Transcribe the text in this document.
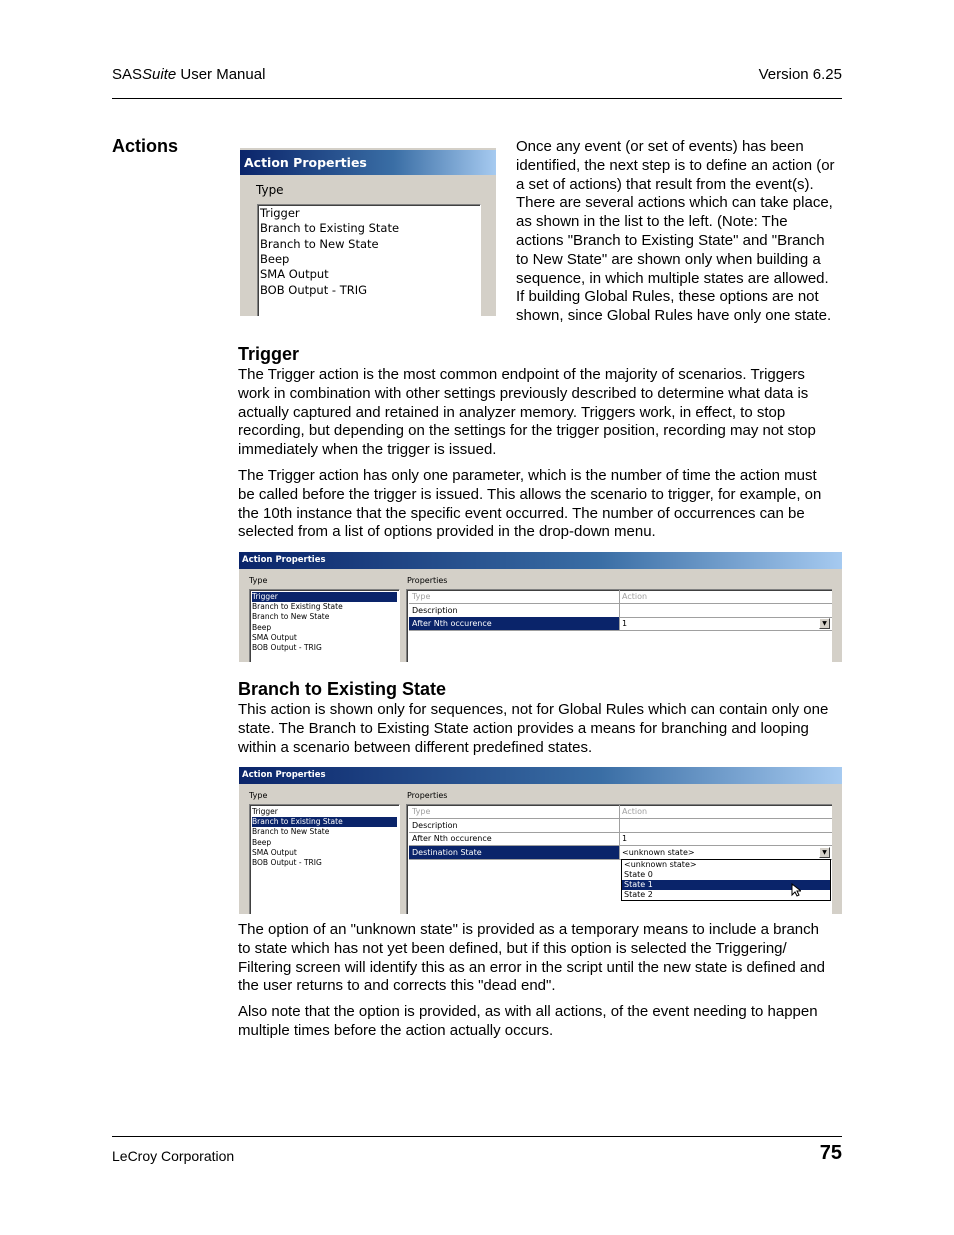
SASSuite User Manual	Version 6.25
Actions
Action Properties
Type
Trigger
Branch to Existing State
Branch to New State
Beep
SMA Output
BOB Output - TRIG
Once any event (or set of events) has been
identified, the next step is to define an action (or
a set of actions) that result from the event(s).
There are several actions which can take place,
as shown in the list to the left. (Note: The
actions "Branch to Existing State" and "Branch
to New State" are shown only when building a
sequence, in which multiple states are allowed.
If building Global Rules, these options are not
shown, since Global Rules have only one state.
Trigger
The Trigger action is the most common endpoint of the majority of scenarios. Triggers
work in combination with other settings previously described to determine what data is
actually captured and retained in analyzer memory. Triggers work, in effect, to stop
recording, but depending on the settings for the trigger position, recording may not stop
immediately when the trigger is issued.
The Trigger action has only one parameter, which is the number of time the action must
be called before the trigger is issued. This allows the scenario to trigger, for example, on
the 10th instance that the specific event occurred. The number of occurrences can be
selected from a list of options provided in the drop-down menu.
Action Properties
Type	Properties
Trigger
Branch to Existing State
Branch to New State
Beep
SMA Output
BOB Output - TRIG
Type	Action
Description
After Nth occurence	1	▼
Branch to Existing State
This action is shown only for sequences, not for Global Rules which can contain only one
state. The Branch to Existing State action provides a means for branching and looping
within a scenario between different predefined states.
Action Properties
Type	Properties
Trigger
Branch to Existing State
Branch to New State
Beep
SMA Output
BOB Output - TRIG
Type	Action
Description
After Nth occurence	1
Destination State	<unknown state>	▼
<unknown state>
State 0
State 1
State 2
The option of an "unknown state" is provided as a temporary means to include a branch
to state which has not yet been defined, but if this option is selected the Triggering/
Filtering screen will identify this as an error in the script until the new state is defined and
the user returns to and corrects this "dead end".
Also note that the option is provided, as with all actions, of the event needing to happen
multiple times before the action actually occurs.
LeCroy Corporation	75
